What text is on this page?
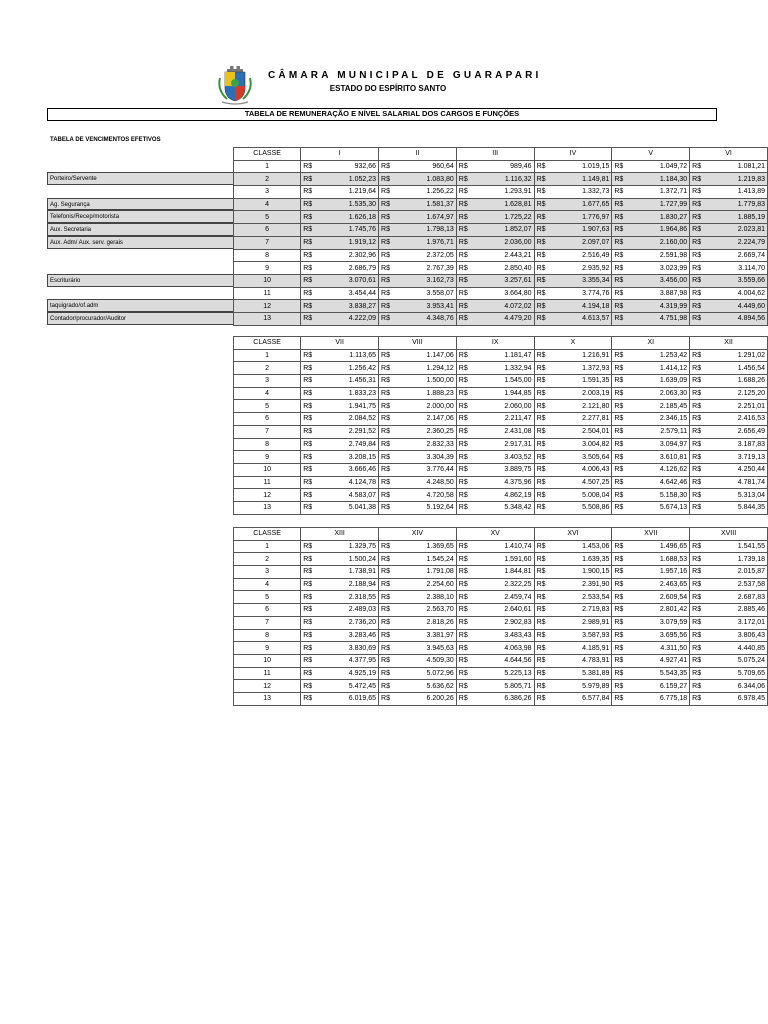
CÂMARA MUNICIPAL DE GUARAPARI
ESTADO DO ESPÍRITO SANTO
TABELA DE REMUNERAÇÃO E NÍVEL SALARIAL DOS CARGOS E FUNÇÕES
TABELA DE VENCIMENTOS EFETIVOS
Porteiro/Servente
Ag. Segurança
Telefonis/Recep/motorista
Aux. Secretaria
Aux. Adm/ Aux. serv. gerais
Escriturário
taquigrado/of.adm
Contador/procurador/Auditor
CLASSE	I		II		III		IV		V		VI	
1	R$	932,66	R$	960,64	R$	989,46	R$	1.019,15	R$	1.049,72	R$	1.081,21
2	R$	1.052,23	R$	1.083,80	R$	1.116,32	R$	1.149,81	R$	1.184,30	R$	1.219,83
3	R$	1.219,64	R$	1.256,22	R$	1.293,91	R$	1.332,73	R$	1.372,71	R$	1.413,89
4	R$	1.535,30	R$	1.581,37	R$	1.628,81	R$	1.677,65	R$	1.727,99	R$	1.779,83
5	R$	1.626,18	R$	1.674,97	R$	1.725,22	R$	1.776,97	R$	1.830,27	R$	1.885,19
6	R$	1.745,76	R$	1.798,13	R$	1.852,07	R$	1.907,63	R$	1.964,86	R$	2.023,81
7	R$	1.919,12	R$	1.976,71	R$	2.036,00	R$	2.097,07	R$	2.160,00	R$	2.224,79
8	R$	2.302,96	R$	2.372,05	R$	2.443,21	R$	2.516,49	R$	2.591,98	R$	2.669,74
9	R$	2.686,79	R$	2.767,39	R$	2.850,40	R$	2.935,92	R$	3.023,99	R$	3.114,70
10	R$	3.070,61	R$	3.162,73	R$	3.257,61	R$	3.355,34	R$	3.456,00	R$	3.559,66
11	R$	3.454,44	R$	3.558,07	R$	3.664,80	R$	3.774,76	R$	3.887,98	R$	4.004,62
12	R$	3.838,27	R$	3.953,41	R$	4.072,02	R$	4.194,18	R$	4.319,99	R$	4.449,60
13	R$	4.222,09	R$	4.348,76	R$	4.479,20	R$	4.613,57	R$	4.751,98	R$	4.894,56
CLASSE	VII		VIII		IX		X		XI		XII	
1	R$	1.113,65	R$	1.147,06	R$	1.181,47	R$	1.216,91	R$	1.253,42	R$	1.291,02
2	R$	1.256,42	R$	1.294,12	R$	1.332,94	R$	1.372,93	R$	1.414,12	R$	1.456,54
3	R$	1.456,31	R$	1.500,00	R$	1.545,00	R$	1.591,35	R$	1.639,09	R$	1.688,26
4	R$	1.833,23	R$	1.888,23	R$	1.944,85	R$	2.003,19	R$	2.063,30	R$	2.125,20
5	R$	1.941,75	R$	2.000,00	R$	2.060,00	R$	2.121,80	R$	2.185,45	R$	2.251,01
6	R$	2.084,52	R$	2.147,06	R$	2.211,47	R$	2.277,81	R$	2.346,15	R$	2.416,53
7	R$	2.291,52	R$	2.360,25	R$	2.431,08	R$	2.504,01	R$	2.579,11	R$	2.656,49
8	R$	2.749,84	R$	2.832,33	R$	2.917,31	R$	3.004,82	R$	3.094,97	R$	3.187,83
9	R$	3.208,15	R$	3.304,39	R$	3.403,52	R$	3.505,64	R$	3.610,81	R$	3.719,13
10	R$	3.666,46	R$	3.776,44	R$	3.889,75	R$	4.006,43	R$	4.126,62	R$	4.250,44
11	R$	4.124,78	R$	4.248,50	R$	4.375,96	R$	4.507,25	R$	4.642,46	R$	4.781,74
12	R$	4.583,07	R$	4.720,58	R$	4.862,19	R$	5.008,04	R$	5.158,30	R$	5.313,04
13	R$	5.041,38	R$	5.192,64	R$	5.348,42	R$	5.508,86	R$	5.674,13	R$	5.844,35
CLASSE	XIII		XIV		XV		XVI		XVII		XVIII	
1	R$	1.329,75	R$	1.369,65	R$	1.410,74	R$	1.453,06	R$	1.496,65	R$	1.541,55
2	R$	1.500,24	R$	1.545,24	R$	1.591,60	R$	1.639,35	R$	1.688,53	R$	1.739,18
3	R$	1.738,91	R$	1.791,08	R$	1.844,81	R$	1.900,15	R$	1.957,16	R$	2.015,87
4	R$	2.188,94	R$	2.254,60	R$	2.322,25	R$	2.391,90	R$	2.463,65	R$	2.537,58
5	R$	2.318,55	R$	2.388,10	R$	2.459,74	R$	2.533,54	R$	2.609,54	R$	2.687,83
6	R$	2.489,03	R$	2.563,70	R$	2.640,61	R$	2.719,83	R$	2.801,42	R$	2.885,46
7	R$	2.736,20	R$	2.818,26	R$	2.902,83	R$	2.989,91	R$	3.079,59	R$	3.172,01
8	R$	3.283,46	R$	3.381,97	R$	3.483,43	R$	3.587,93	R$	3.695,56	R$	3.806,43
9	R$	3.830,69	R$	3.945,63	R$	4.063,98	R$	4.185,91	R$	4.311,50	R$	4.440,85
10	R$	4.377,95	R$	4.509,30	R$	4.644,56	R$	4.783,91	R$	4.927,41	R$	5.075,24
11	R$	4.925,19	R$	5.072,96	R$	5.225,13	R$	5.381,89	R$	5.543,35	R$	5.709,65
12	R$	5.472,45	R$	5.636,62	R$	5.805,71	R$	5.979,89	R$	6.159,27	R$	6.344,06
13	R$	6.019,65	R$	6.200,26	R$	6.386,26	R$	6.577,84	R$	6.775,18	R$	6.978,45
